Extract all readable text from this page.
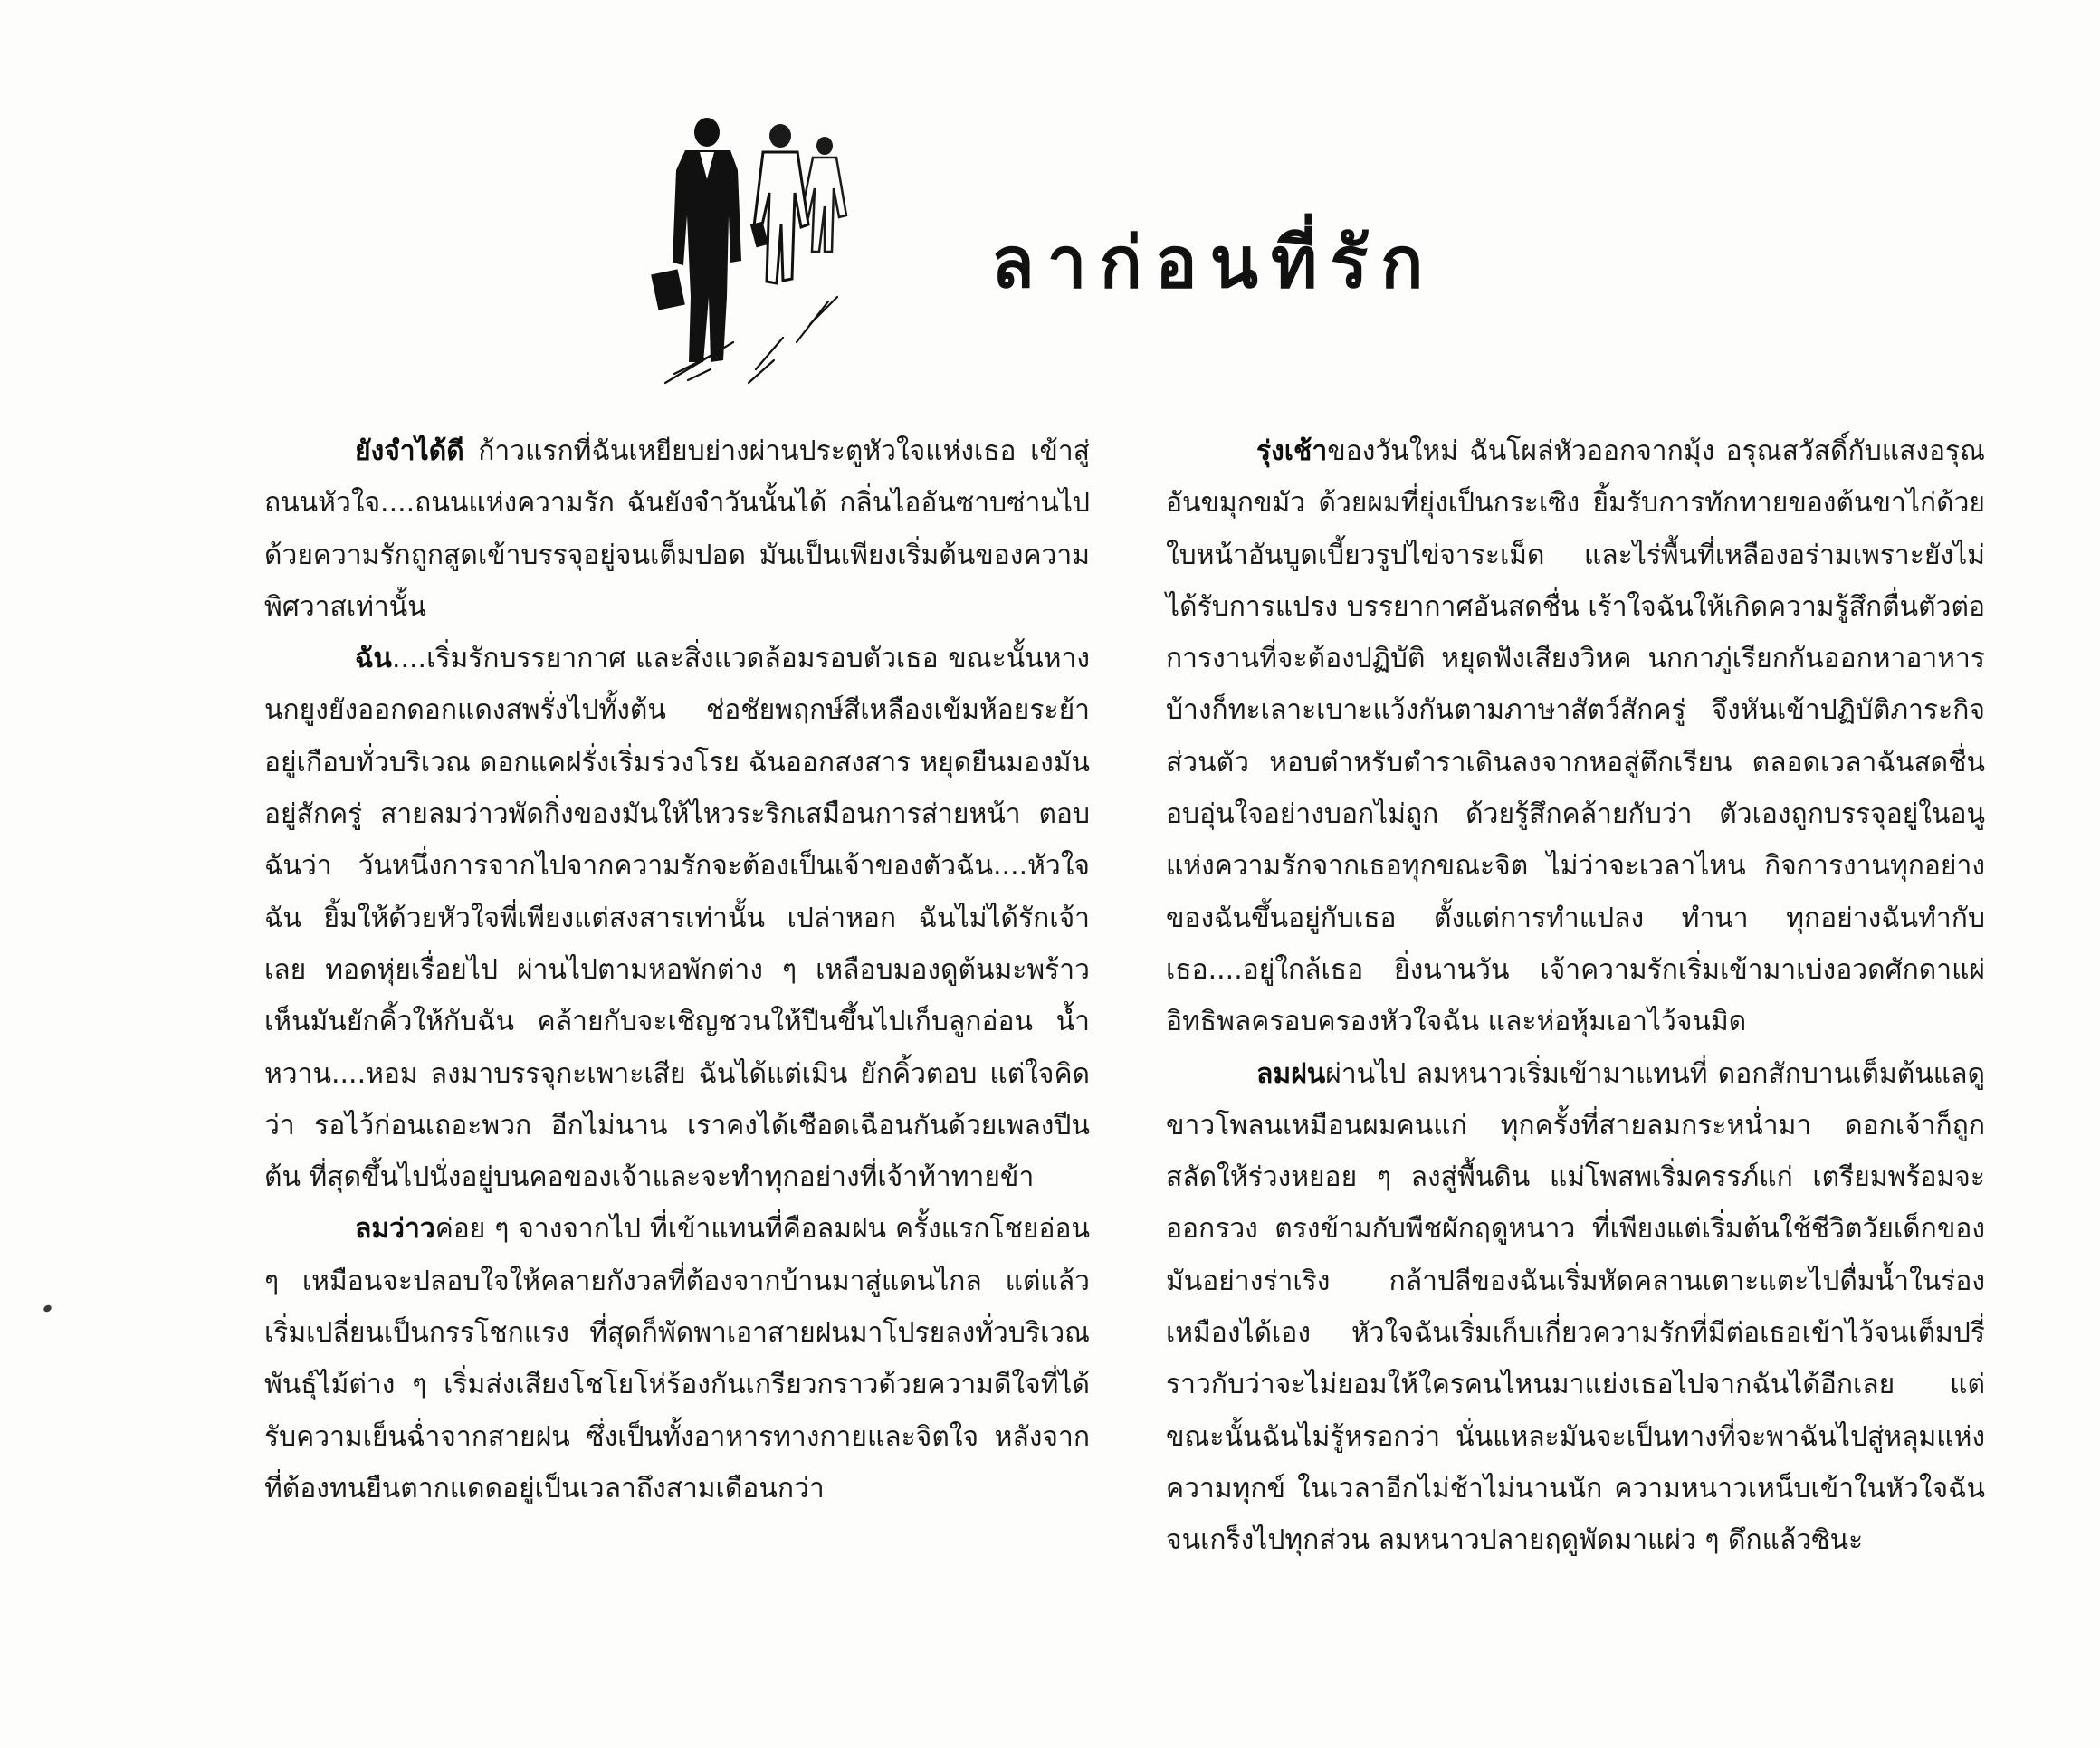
ลาก่อนที่รัก

ยังจำได้ดี ก้าวแรกที่ฉันเหยียบย่างผ่านประตูหัวใจแห่งเธอ เข้าสู่ถนนหัวใจ....ถนนแห่งความรัก ฉันยังจำวันนั้นได้ กลิ่นไออันซาบซ่านไปด้วยความรักถูกสูดเข้าบรรจุอยู่จนเต็มปอด มันเป็นเพียงเริ่มต้นของความพิศวาสเท่านั้น

ฉัน....เริ่มรักบรรยากาศ และสิ่งแวดล้อมรอบตัวเธอ ขณะนั้นหางนกยูงยังออกดอกแดงสพรั่งไปทั้งต้น ช่อชัยพฤกษ์สีเหลืองเข้มห้อยระย้าอยู่เกือบทั่วบริเวณ ดอกแคฝรั่งเริ่มร่วงโรย ฉันออกสงสาร หยุดยืนมองมันอยู่สักครู่ สายลมว่าวพัดกิ่งของมันให้ไหวระริกเสมือนการส่ายหน้า ตอบฉันว่า วันหนึ่งการจากไปจากความรักจะต้องเป็นเจ้าของตัวฉัน....หัวใจฉัน ยิ้มให้ด้วยหัวใจพี่เพียงแต่สงสารเท่านั้น เปล่าหอก ฉันไม่ได้รักเจ้าเลย ทอดหุ่ยเรื่อยไป ผ่านไปตามหอพักต่าง ๆ เหลือบมองดูต้นมะพร้าว เห็นมันยักคิ้วให้กับฉัน คล้ายกับจะเชิญชวนให้ปีนขึ้นไปเก็บลูกอ่อน น้ำหวาน....หอม ลงมาบรรจุกะเพาะเสีย ฉันได้แต่เมิน ยักคิ้วตอบ แต่ใจคิดว่า รอไว้ก่อนเถอะพวก อีกไม่นาน เราคงได้เชือดเฉือนกันด้วยเพลงปีนต้น ที่สุดขึ้นไปนั่งอยู่บนคอของเจ้าและจะทำทุกอย่างที่เจ้าท้าทายข้า

ลมว่าวค่อย ๆ จางจากไป ที่เข้าแทนที่คือลมฝน ครั้งแรกโชยอ่อน ๆ เหมือนจะปลอบใจให้คลายกังวลที่ต้องจากบ้านมาสู่แดนไกล แต่แล้วเริ่มเปลี่ยนเป็นกรรโชกแรง ที่สุดก็พัดพาเอาสายฝนมาโปรยลงทั่วบริเวณ พันธุ์ไม้ต่าง ๆ เริ่มส่งเสียงโชโยโห่ร้องกันเกรียวกราวด้วยความดีใจที่ได้รับความเย็นฉ่ำจากสายฝน ซึ่งเป็นทั้งอาหารทางกายและจิตใจ หลังจากที่ต้องทนยืนตากแดดอยู่เป็นเวลาถึงสามเดือนกว่า

รุ่งเช้าของวันใหม่ ฉันโผล่หัวออกจากมุ้ง อรุณสวัสดิ์กับแสงอรุณอันขมุกขมัว ด้วยผมที่ยุ่งเป็นกระเซิง ยิ้มรับการทักทายของต้นขาไก่ด้วยใบหน้าอันบูดเบี้ยวรูปไข่จาระเม็ด และไร่พื้นที่เหลืองอร่ามเพราะยังไม่ได้รับการแปรง บรรยากาศอันสดชื่น เร้าใจฉันให้เกิดความรู้สึกตื่นตัวต่อการงานที่จะต้องปฏิบัติ หยุดฟังเสียงวิหค นกกาภู่เรียกกันออกหาอาหาร บ้างก็ทะเลาะเบาะแว้งกันตามภาษาสัตว์สักครู่ จึงหันเข้าปฏิบัติภาระกิจส่วนตัว หอบตำหรับตำราเดินลงจากหอสู่ตึกเรียน ตลอดเวลาฉันสดชื่น อบอุ่นใจอย่างบอกไม่ถูก ด้วยรู้สึกคล้ายกับว่า ตัวเองถูกบรรจุอยู่ในอนูแห่งความรักจากเธอทุกขณะจิต ไม่ว่าจะเวลาไหน กิจการงานทุกอย่างของฉันขึ้นอยู่กับเธอ ตั้งแต่การทำแปลง ทำนา ทุกอย่างฉันทำกับเธอ....อยู่ใกล้เธอ ยิ่งนานวัน เจ้าความรักเริ่มเข้ามาเบ่งอวดศักดาแผ่อิทธิพลครอบครองหัวใจฉัน และห่อหุ้มเอาไว้จนมิด

ลมฝนผ่านไป ลมหนาวเริ่มเข้ามาแทนที่ ดอกสักบานเต็มต้นแลดูขาวโพลนเหมือนผมคนแก่ ทุกครั้งที่สายลมกระหน่ำมา ดอกเจ้าก็ถูกสลัดให้ร่วงหยอย ๆ ลงสู่พื้นดิน แม่โพสพเริ่มครรภ์แก่ เตรียมพร้อมจะออกรวง ตรงข้ามกับพืชผักฤดูหนาว ที่เพียงแต่เริ่มต้นใช้ชีวิตวัยเด็กของมันอย่างร่าเริง กล้าปลีของฉันเริ่มหัดคลานเตาะแตะไปดื่มน้ำในร่องเหมืองได้เอง หัวใจฉันเริ่มเก็บเกี่ยวความรักที่มีต่อเธอเข้าไว้จนเต็มปรี่ราวกับว่าจะไม่ยอมให้ใครคนไหนมาแย่งเธอไปจากฉันได้อีกเลย แต่ขณะนั้นฉันไม่รู้หรอกว่า นั่นแหละมันจะเป็นทางที่จะพาฉันไปสู่หลุมแห่งความทุกข์ ในเวลาอีกไม่ช้าไม่นานนัก ความหนาวเหน็บเข้าในหัวใจฉันจนเกร็งไปทุกส่วน ลมหนาวปลายฤดูพัดมาแผ่ว ๆ ดึกแล้วซินะ
